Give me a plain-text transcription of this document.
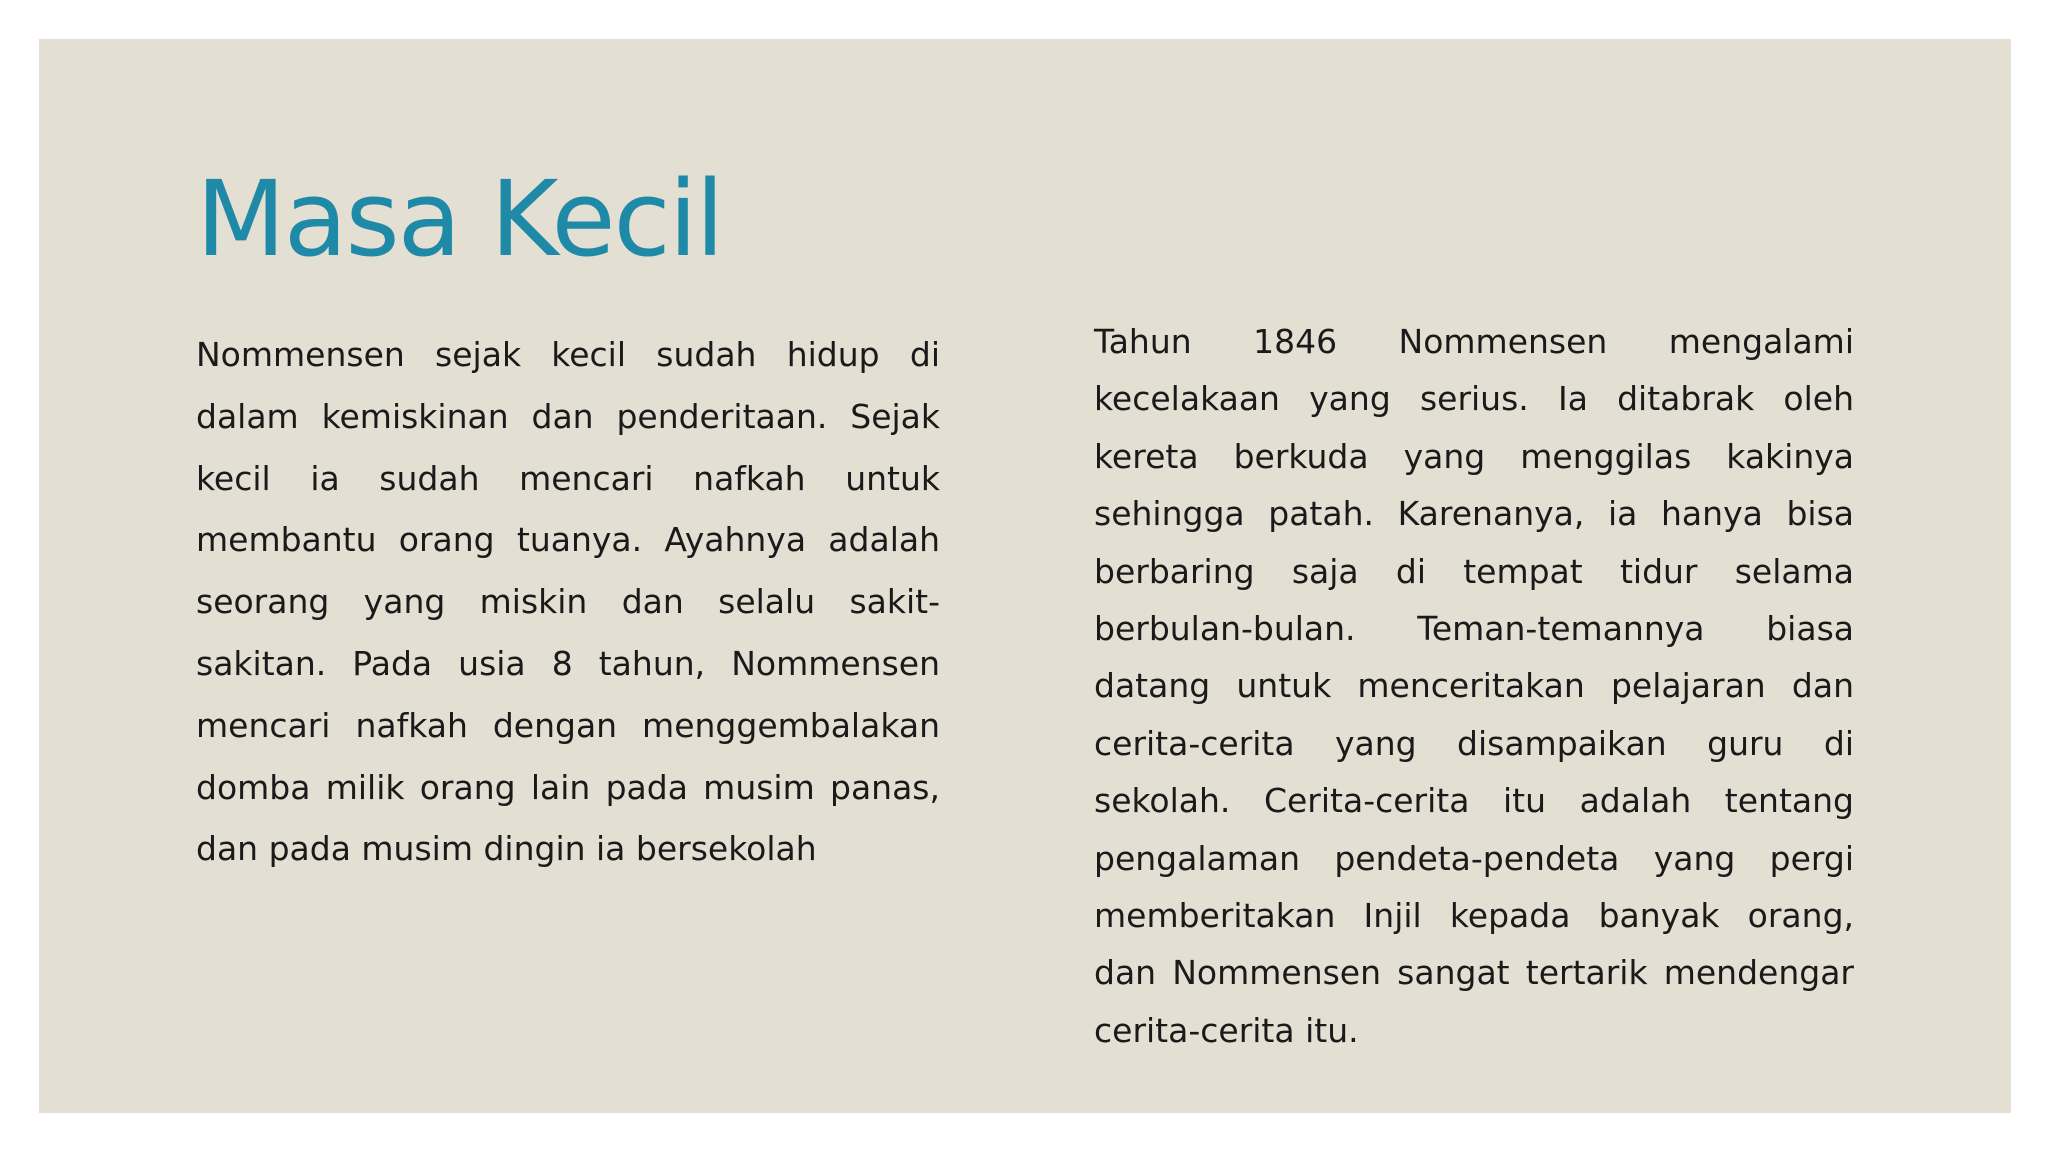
Masa Kecil

Nommensen sejak kecil sudah hidup di dalam kemiskinan dan penderitaan. Sejak kecil ia sudah mencari nafkah untuk membantu orang tuanya. Ayahnya adalah seorang yang miskin dan selalu sakit-sakitan. Pada usia 8 tahun, Nommensen mencari nafkah dengan menggembalakan domba milik orang lain pada musim panas, dan pada musim dingin ia bersekolah

Tahun 1846 Nommensen mengalami kecelakaan yang serius. Ia ditabrak oleh kereta berkuda yang menggilas kakinya sehingga patah. Karenanya, ia hanya bisa berbaring saja di tempat tidur selama berbulan-bulan. Teman-temannya biasa datang untuk menceritakan pelajaran dan cerita-cerita yang disampaikan guru di sekolah. Cerita-cerita itu adalah tentang pengalaman pendeta-pendeta yang pergi memberitakan Injil kepada banyak orang, dan Nommensen sangat tertarik mendengar cerita-cerita itu.
